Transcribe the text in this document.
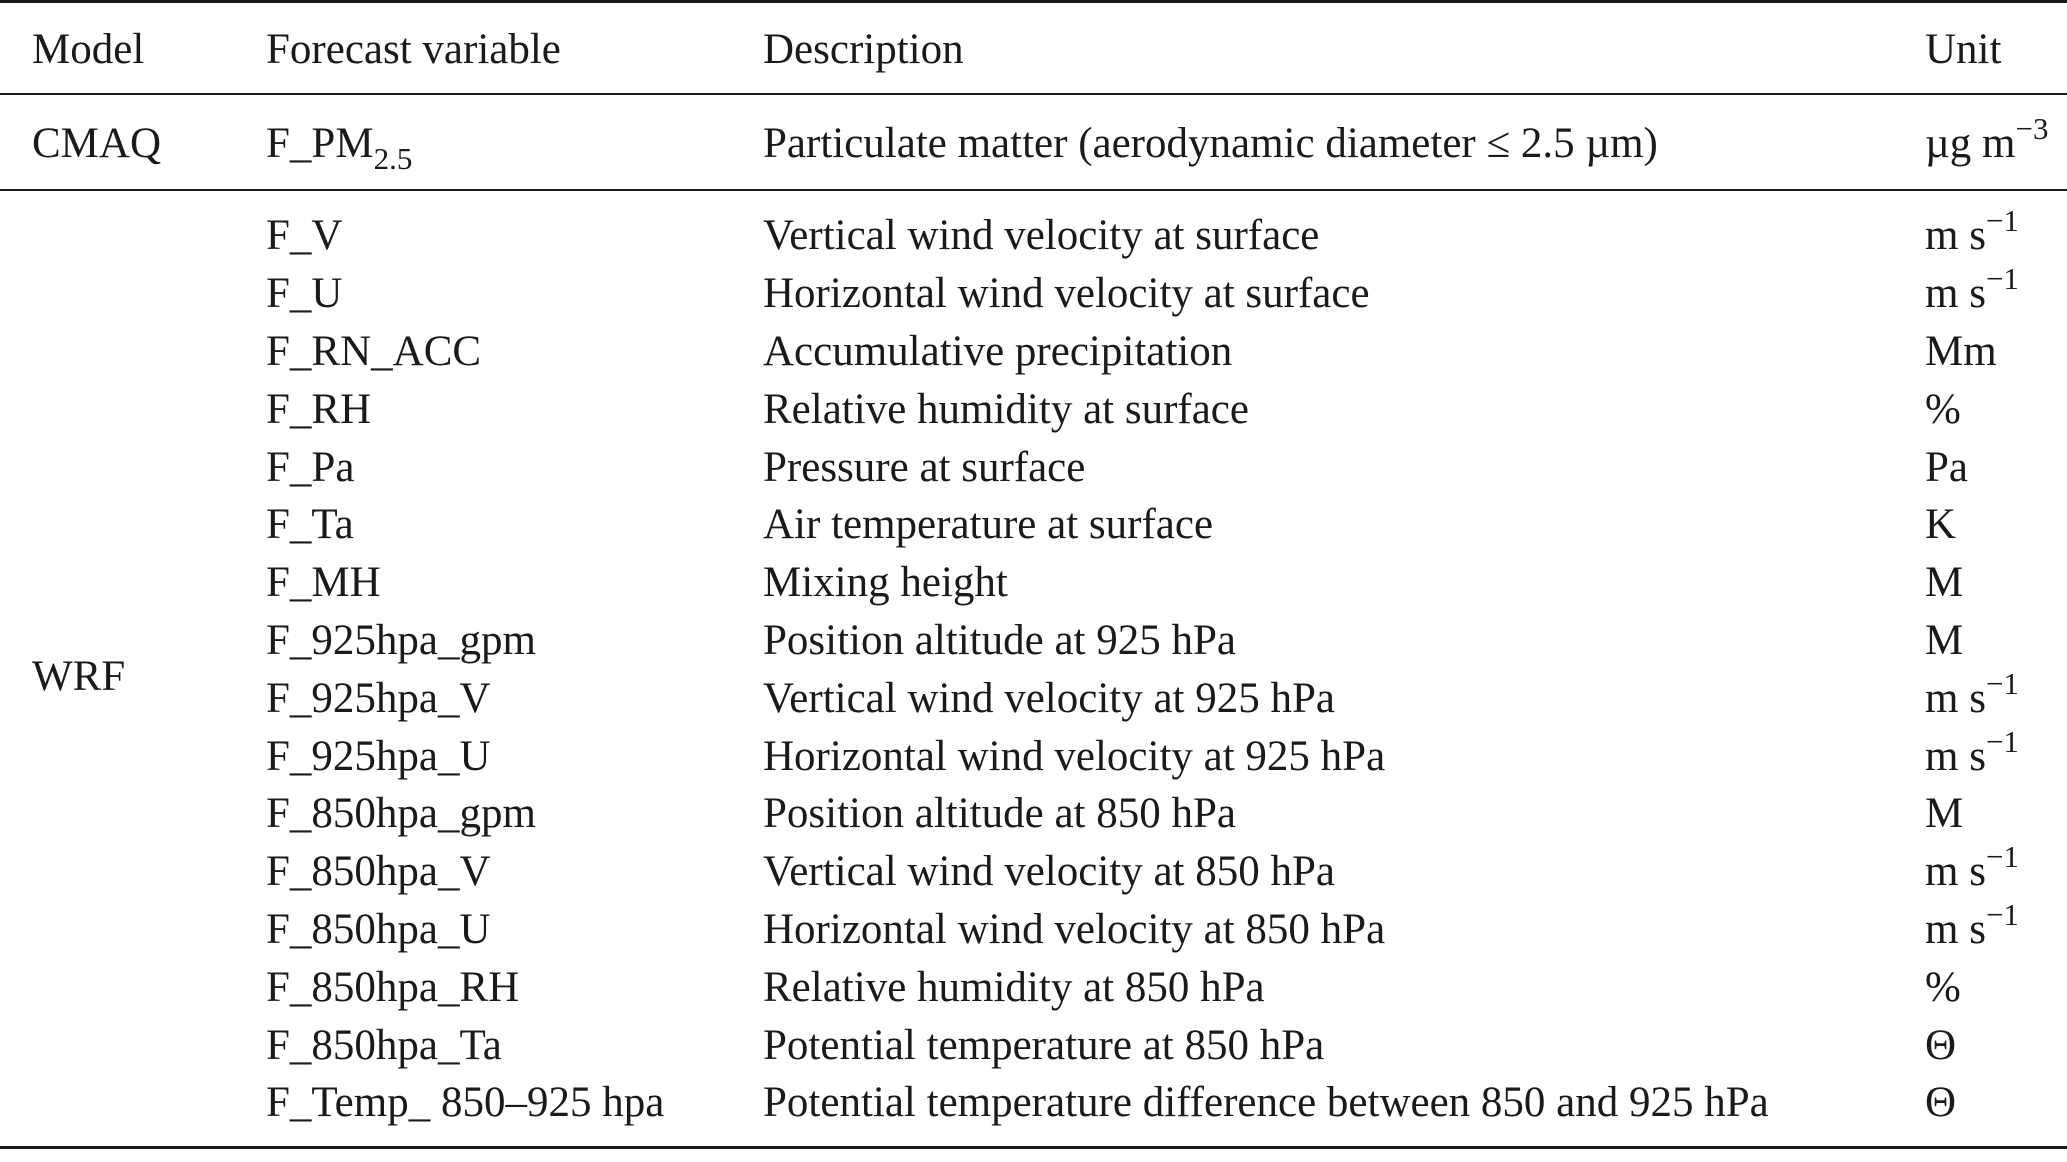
Model	Forecast variable	Description	Unit
CMAQ	$F\_PM_{2.5}$	Particulate matter (aerodynamic diameter ≤ 2.5 µm)	µg $m^{-3}$
WRF	F_V	Vertical wind velocity at surface	m $s^{-1}$
	F_U	Horizontal wind velocity at surface	m $s^{-1}$
	F_RN_ACC	Accumulative precipitation	Mm
	F_RH	Relative humidity at surface	%
	F_Pa	Pressure at surface	Pa
	F_Ta	Air temperature at surface	K
	F_MH	Mixing height	M
	F_925hpa_gpm	Position altitude at 925 hPa	M
	F_925hpa_V	Vertical wind velocity at 925 hPa	m $s^{-1}$
	F_925hpa_U	Horizontal wind velocity at 925 hPa	m $s^{-1}$
	F_850hpa_gpm	Position altitude at 850 hPa	M
	F_850hpa_V	Vertical wind velocity at 850 hPa	m $s^{-1}$
	F_850hpa_U	Horizontal wind velocity at 850 hPa	m $s^{-1}$
	F_850hpa_RH	Relative humidity at 850 hPa	%
	F_850hpa_Ta	Potential temperature at 850 hPa	Θ
	F_Temp_ 850–925 hpa	Potential temperature difference between 850 and 925 hPa	Θ
